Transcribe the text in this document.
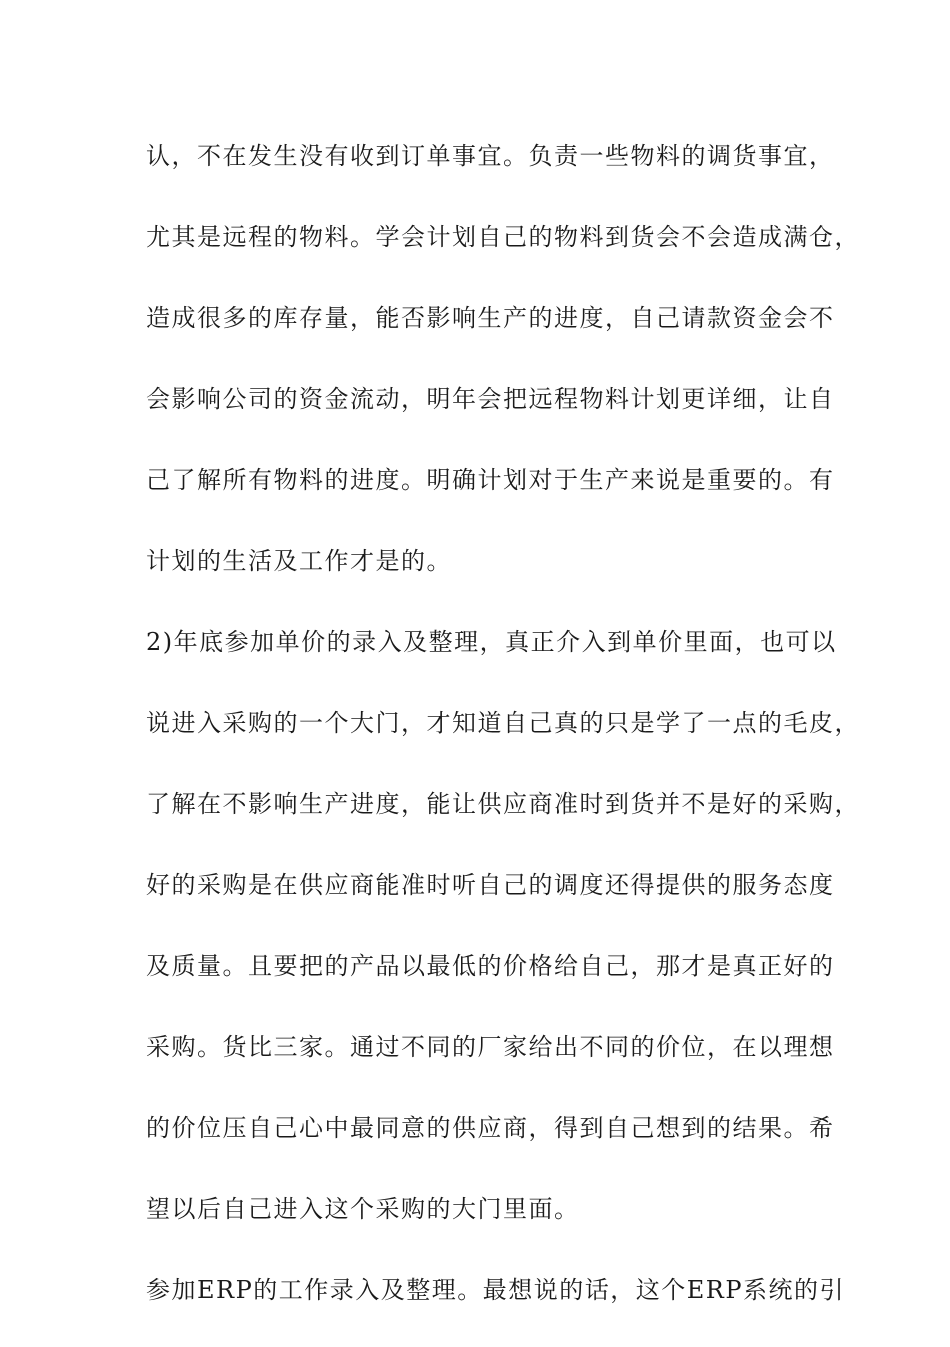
认，不在发生没有收到订单事宜。负责一些物料的调货事宜，
尤其是远程的物料。学会计划自己的物料到货会不会造成满仓，
造成很多的库存量，能否影响生产的进度，自己请款资金会不
会影响公司的资金流动，明年会把远程物料计划更详细，让自
己了解所有物料的进度。明确计划对于生产来说是重要的。有
计划的生活及工作才是的。
2)年底参加单价的录入及整理，真正介入到单价里面，也可以
说进入采购的一个大门，才知道自己真的只是学了一点的毛皮，
了解在不影响生产进度，能让供应商准时到货并不是好的采购，
好的采购是在供应商能准时听自己的调度还得提供的服务态度
及质量。且要把的产品以最低的价格给自己，那才是真正好的
采购。货比三家。通过不同的厂家给出不同的价位，在以理想
的价位压自己心中最同意的供应商，得到自己想到的结果。希
望以后自己进入这个采购的大门里面。
参加ERP的工作录入及整理。最想说的话，这个ERP系统的引
